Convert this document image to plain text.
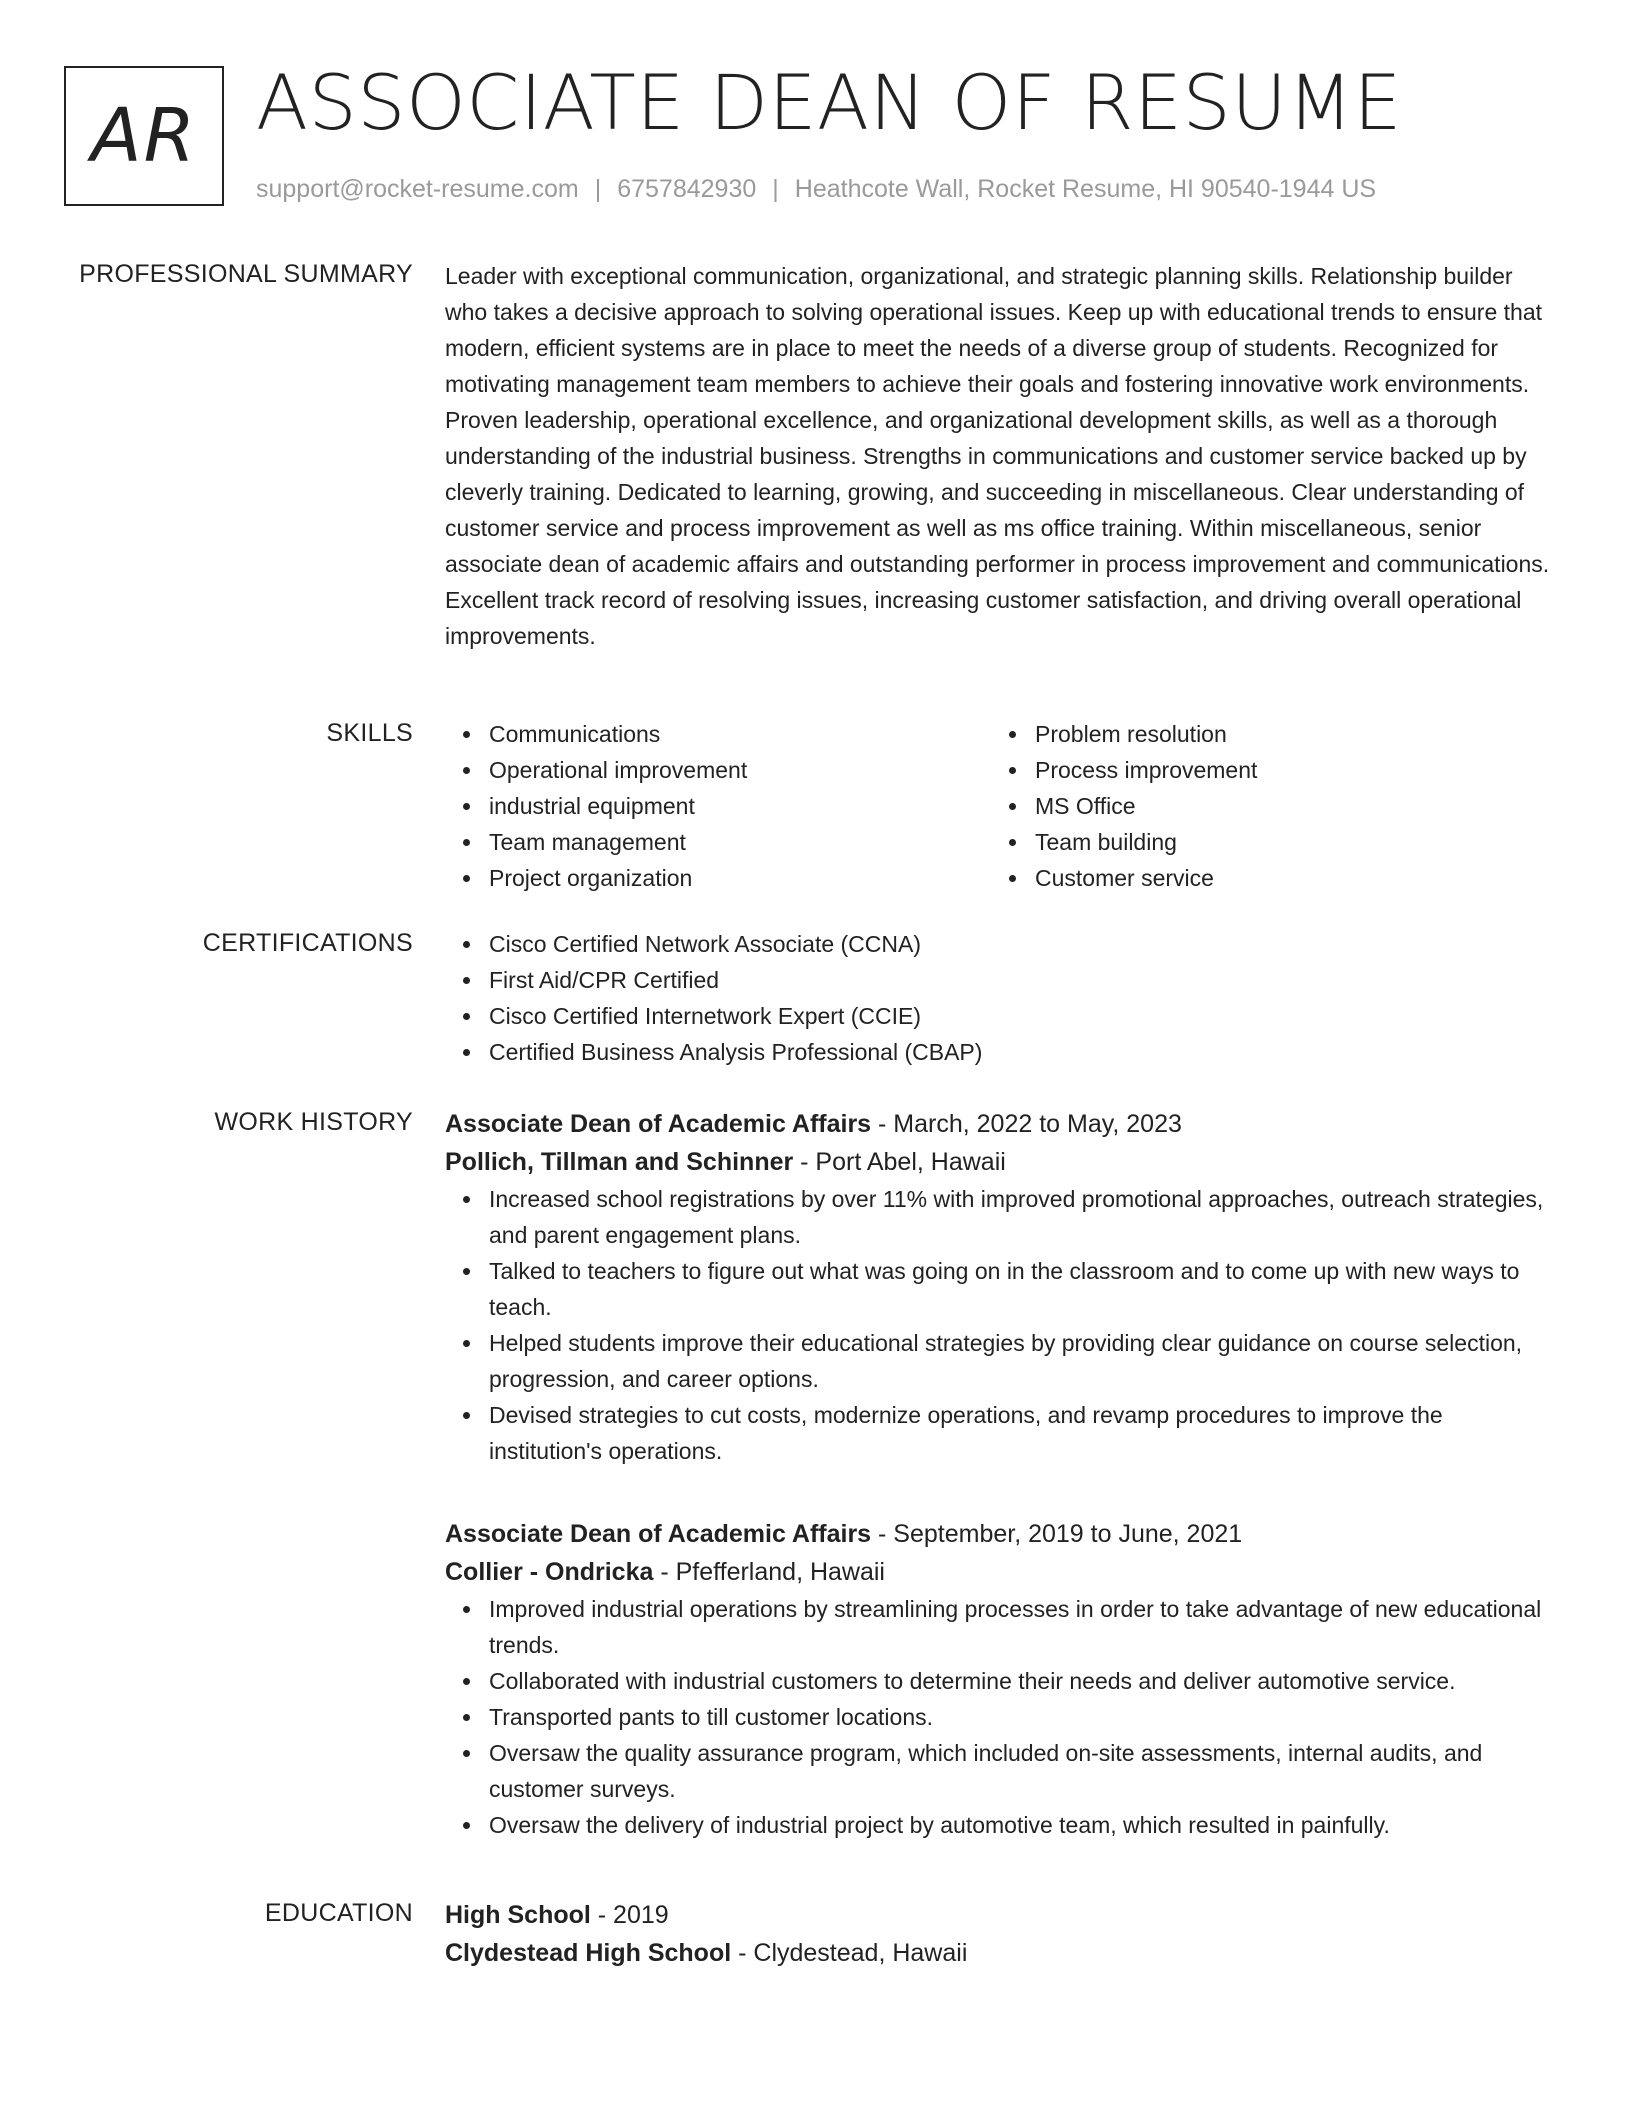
AR ASSOCIATE DEAN OF RESUME
support@rocket-resume.com | 6757842930 | Heathcote Wall, Rocket Resume, HI 90540-1944 US
PROFESSIONAL SUMMARY Leader with exceptional communication, organizational, and strategic planning skills. Relationship builder who takes a decisive approach to solving operational issues. Keep up with educational trends to ensure that modern, efficient systems are in place to meet the needs of a diverse group of students. Recognized for motivating management team members to achieve their goals and fostering innovative work environments. Proven leadership, operational excellence, and organizational development skills, as well as a thorough understanding of the industrial business. Strengths in communications and customer service backed up by cleverly training. Dedicated to learning, growing, and succeeding in miscellaneous. Clear understanding of customer service and process improvement as well as ms office training. Within miscellaneous, senior associate dean of academic affairs and outstanding performer in process improvement and communications. Excellent track record of resolving issues, increasing customer satisfaction, and driving overall operational improvements.

SKILLS	Communications
Operational improvement
industrial equipment
Team management
Project organization
Problem resolution
Process improvement
MS Office
Team building
Customer service
CERTIFICATIONS	Cisco Certified Network Associate (CCNA)
First Aid/CPR Certified
Cisco Certified Internetwork Expert (CCIE)
Certified Business Analysis Professional (CBAP)
WORK HISTORY Associate Dean of Academic Affairs - March, 2022 to May, 2023
Pollich, Tillman and Schinner - Port Abel, Hawaii
Increased school registrations by over 11% with improved promotional approaches, outreach strategies, and parent engagement plans.
Talked to teachers to figure out what was going on in the classroom and to come up with new ways to teach.
Helped students improve their educational strategies by providing clear guidance on course selection, progression, and career options.
Devised strategies to cut costs, modernize operations, and revamp procedures to improve the institution's operations.
Associate Dean of Academic Affairs - September, 2019 to June, 2021
Collier - Ondricka - Pfefferland, Hawaii
Improved industrial operations by streamlining processes in order to take advantage of new educational trends.
Collaborated with industrial customers to determine their needs and deliver automotive service.
Transported pants to till customer locations.
Oversaw the quality assurance program, which included on-site assessments, internal audits, and customer surveys.
Oversaw the delivery of industrial project by automotive team, which resulted in painfully.
EDUCATION High School - 2019
Clydestead High School - Clydestead, Hawaii
